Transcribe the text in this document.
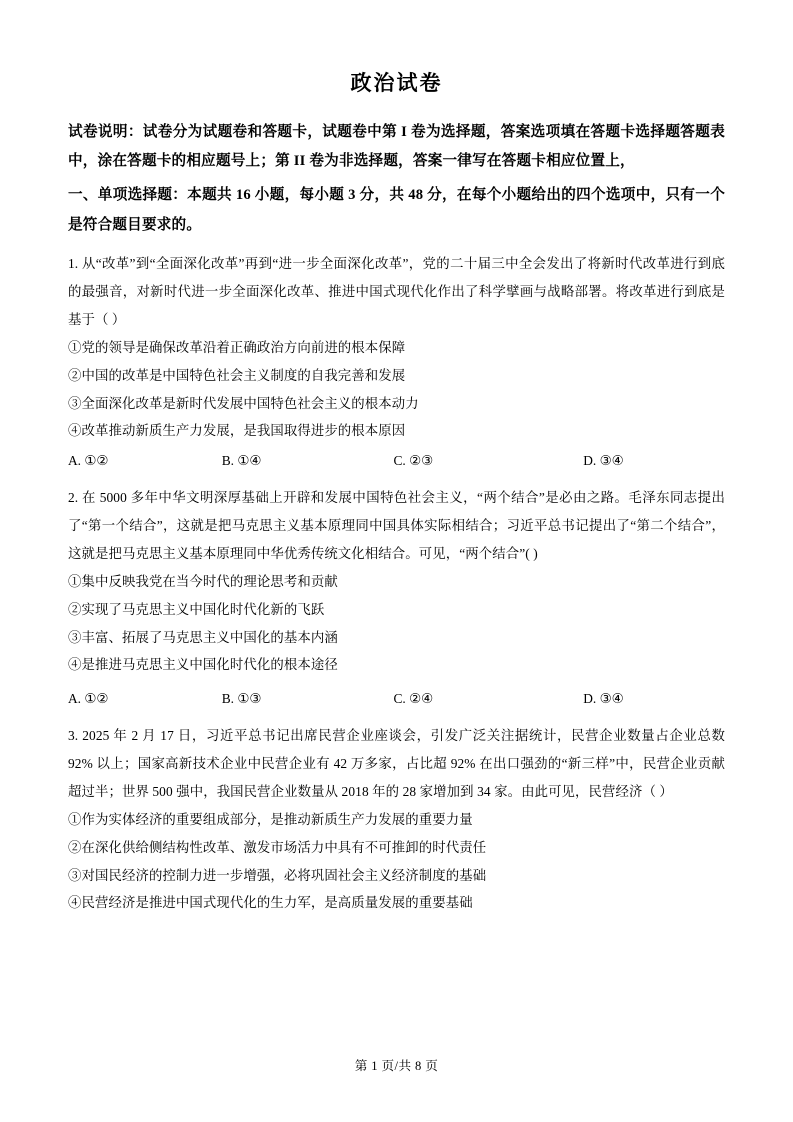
政治试卷
试卷说明：试卷分为试题卷和答题卡，试题卷中第 I 卷为选择题，答案选项填在答题卡选择题答题表中，涂在答题卡的相应题号上；第 II 卷为非选择题，答案一律写在答题卡相应位置上，
一、单项选择题：本题共 16 小题，每小题 3 分，共 48 分，在每个小题给出的四个选项中，只有一个是符合题目要求的。
1. 从“改革”到“全面深化改革”再到“进一步全面深化改革”，党的二十届三中全会发出了将新时代改革进行到底的最强音，对新时代进一步全面深化改革、推进中国式现代化作出了科学擘画与战略部署。将改革进行到底是基于（ ）
①党的领导是确保改革沿着正确政治方向前进的根本保障
②中国的改革是中国特色社会主义制度的自我完善和发展
③全面深化改革是新时代发展中国特色社会主义的根本动力
④改革推动新质生产力发展，是我国取得进步的根本原因
A. ①②	B. ①④	C. ②③	D. ③④
2. 在 5000 多年中华文明深厚基础上开辟和发展中国特色社会主义，“两个结合”是必由之路。毛泽东同志提出了“第一个结合”，这就是把马克思主义基本原理同中国具体实际相结合；习近平总书记提出了“第二个结合”，这就是把马克思主义基本原理同中华优秀传统文化相结合。可见，“两个结合”( )
①集中反映我党在当今时代的理论思考和贡献
②实现了马克思主义中国化时代化新的飞跃
③丰富、拓展了马克思主义中国化的基本内涵
④是推进马克思主义中国化时代化的根本途径
A. ①②	B. ①③	C. ②④	D. ③④
3. 2025 年 2 月 17 日，习近平总书记出席民营企业座谈会，引发广泛关注据统计，民营企业数量占企业总数 92% 以上；国家高新技术企业中民营企业有 42 万多家，占比超 92% 在出口强劲的“新三样”中，民营企业贡献超过半；世界 500 强中，我国民营企业数量从 2018 年的 28 家增加到 34 家。由此可见，民营经济（ ）
①作为实体经济的重要组成部分，是推动新质生产力发展的重要力量
②在深化供给侧结构性改革、激发市场活力中具有不可推卸的时代责任
③对国民经济的控制力进一步增强，必将巩固社会主义经济制度的基础
④民营经济是推进中国式现代化的生力军，是高质量发展的重要基础
第 1 页/共 8 页
